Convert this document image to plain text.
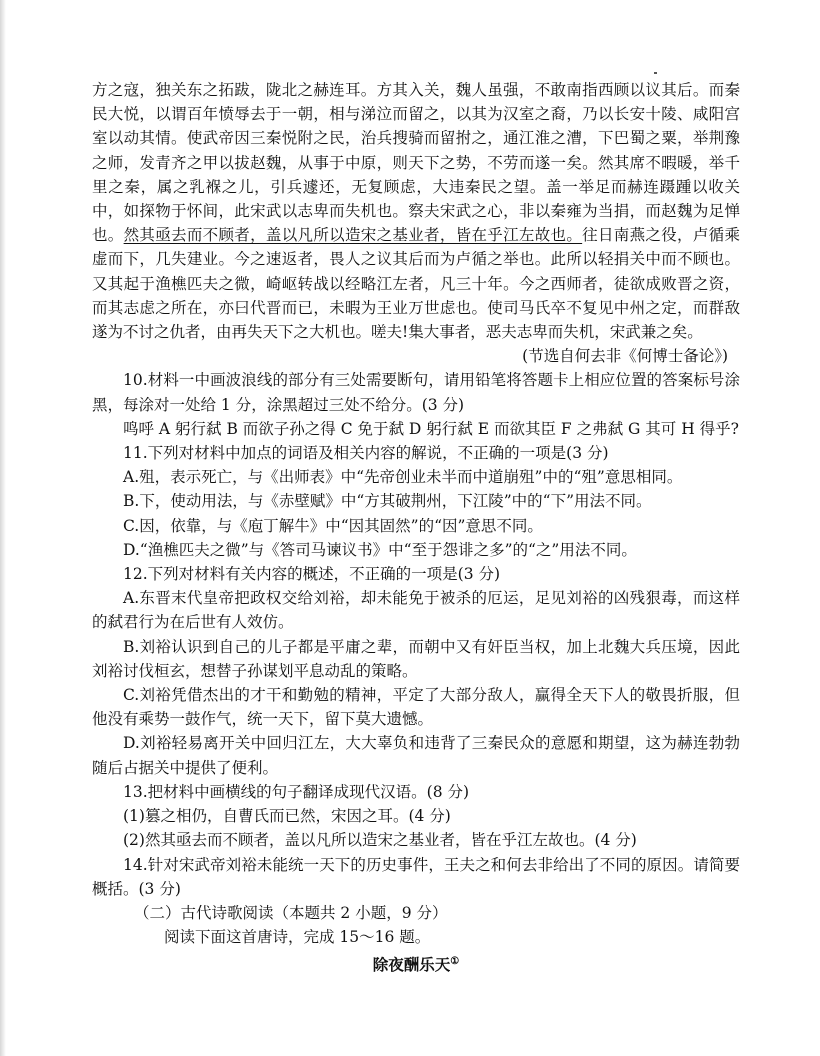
方之寇，独关东之拓跋，陇北之赫连耳。方其入关，魏人虽强，不敢南指西顾以议其后。而秦民大悦，以谓百年愤辱去于一朝，相与涕泣而留之，以其为汉室之裔，乃以长安十陵、咸阳宫室以动其情。使武帝因三秦悦附之民，治兵搜骑而留拊之，通江淮之漕，下巴蜀之粟，举荆豫之师，发青齐之甲以拔赵魏，从事于中原，则天下之势，不劳而遂一矣。然其席不暇暖，举千里之秦，属之乳褓之儿，引兵遽还，无复顾虑，大违秦民之望。盖一举足而赫连蹑踵以收关中，如探物于怀间，此宋武以志卑而失机也。察夫宋武之心，非以秦雍为当捐，而赵魏为足惮也。然其亟去而不顾者，盖以凡所以造宋之基业者，皆在乎江左故也。往日南燕之役，卢循乘虚而下，几失建业。今之速返者，畏人之议其后而为卢循之举也。此所以轻捐关中而不顾也。又其起于渔樵匹夫之微，崎岖转战以经略江左者，凡三十年。今之西师者，徒欲成败晋之资，而其志虑之所在，亦曰代晋而已，未暇为王业万世虑也。使司马氏卒不复见中州之定，而群敌遂为不讨之仇者，由再失天下之大机也。嗟夫!集大事者，恶夫志卑而失机，宋武兼之矣。

(节选自何去非《何博士备论》)

10.材料一中画波浪线的部分有三处需要断句，请用铅笔将答题卡上相应位置的答案标号涂黑，每涂对一处给 1 分，涂黑超过三处不给分。(3 分)

鸣呼 A 躬行弑 B 而欲子孙之得 C 免于弑 D 躬行弑 E 而欲其臣 F 之弗弑 G 其可 H 得乎?

11.下列对材料中加点的词语及相关内容的解说，不正确的一项是(3 分)

A.殂，表示死亡，与《出师表》中“先帝创业未半而中道崩殂”中的“殂”意思相同。

B.下，使动用法，与《赤壁赋》中“方其破荆州，下江陵”中的“下”用法不同。

C.因，依靠，与《庖丁解牛》中“因其固然”的“因”意思不同。

D.“渔樵匹夫之微”与《答司马谏议书》中“至于怨诽之多”的“之”用法不同。

12.下列对材料有关内容的概述，不正确的一项是(3 分)

A.东晋末代皇帝把政权交给刘裕，却未能免于被杀的厄运，足见刘裕的凶残狠毒，而这样的弑君行为在后世有人效仿。

B.刘裕认识到自己的儿子都是平庸之辈，而朝中又有奸臣当权，加上北魏大兵压境，因此刘裕讨伐桓玄，想替子孙谋划平息动乱的策略。

C.刘裕凭借杰出的才干和勤勉的精神，平定了大部分敌人，赢得全天下人的敬畏折服，但他没有乘势一鼓作气，统一天下，留下莫大遗憾。

D.刘裕轻易离开关中回归江左，大大辜负和违背了三秦民众的意愿和期望，这为赫连勃勃随后占据关中提供了便利。

13.把材料中画横线的句子翻译成现代汉语。(8 分)

(1)篡之相仍，自曹氏而已然，宋因之耳。(4 分)

(2)然其亟去而不顾者，盖以凡所以造宋之基业者，皆在乎江左故也。(4 分)

14.针对宋武帝刘裕未能统一天下的历史事件，王夫之和何去非给出了不同的原因。请简要概括。(3 分)

（二）古代诗歌阅读（本题共 2 小题，9 分）

阅读下面这首唐诗，完成 15～16 题。

除夜酬乐天①
